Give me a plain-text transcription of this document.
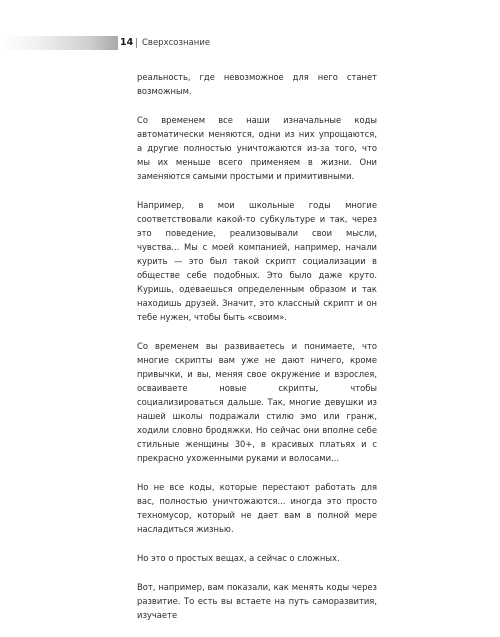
14 Сверхсознание

реальность, где невозможное для него станет возможным.

Со временем все наши изначальные коды автоматически меняются, одни из них упрощаются, а другие полностью уничтожаются из-за того, что мы их меньше всего применяем в жизни. Они заменяются самыми простыми и примитивными.

Например, в мои школьные годы многие соответствовали какой-то субкультуре и так, через это поведение, реализовывали свои мысли, чувства... Мы с моей компанией, например, начали курить — это был такой скрипт социализации в обществе себе подобных. Это было даже круто. Куришь, одеваешься определенным образом и так находишь друзей. Значит, это классный скрипт и он тебе нужен, чтобы быть «своим».

Со временем вы развиваетесь и понимаете, что многие скрипты вам уже не дают ничего, кроме привычки, и вы, меняя свое окружение и взрослея, осваиваете новые скрипты, чтобы социализироваться дальше. Так, многие девушки из нашей школы подражали стилю эмо или гранж, ходили словно бродяжки. Но сейчас они вполне себе стильные женщины 30+, в красивых платьях и с прекрасно ухоженными руками и волосами...

Но не все коды, которые перестают работать для вас, полностью уничтожаются... иногда это просто техномусор, который не дает вам в полной мере насладиться жизнью.

Но это о простых вещах, а сейчас о сложных.

Вот, например, вам показали, как менять коды через развитие. То есть вы встаете на путь саморазвития, изучаете
